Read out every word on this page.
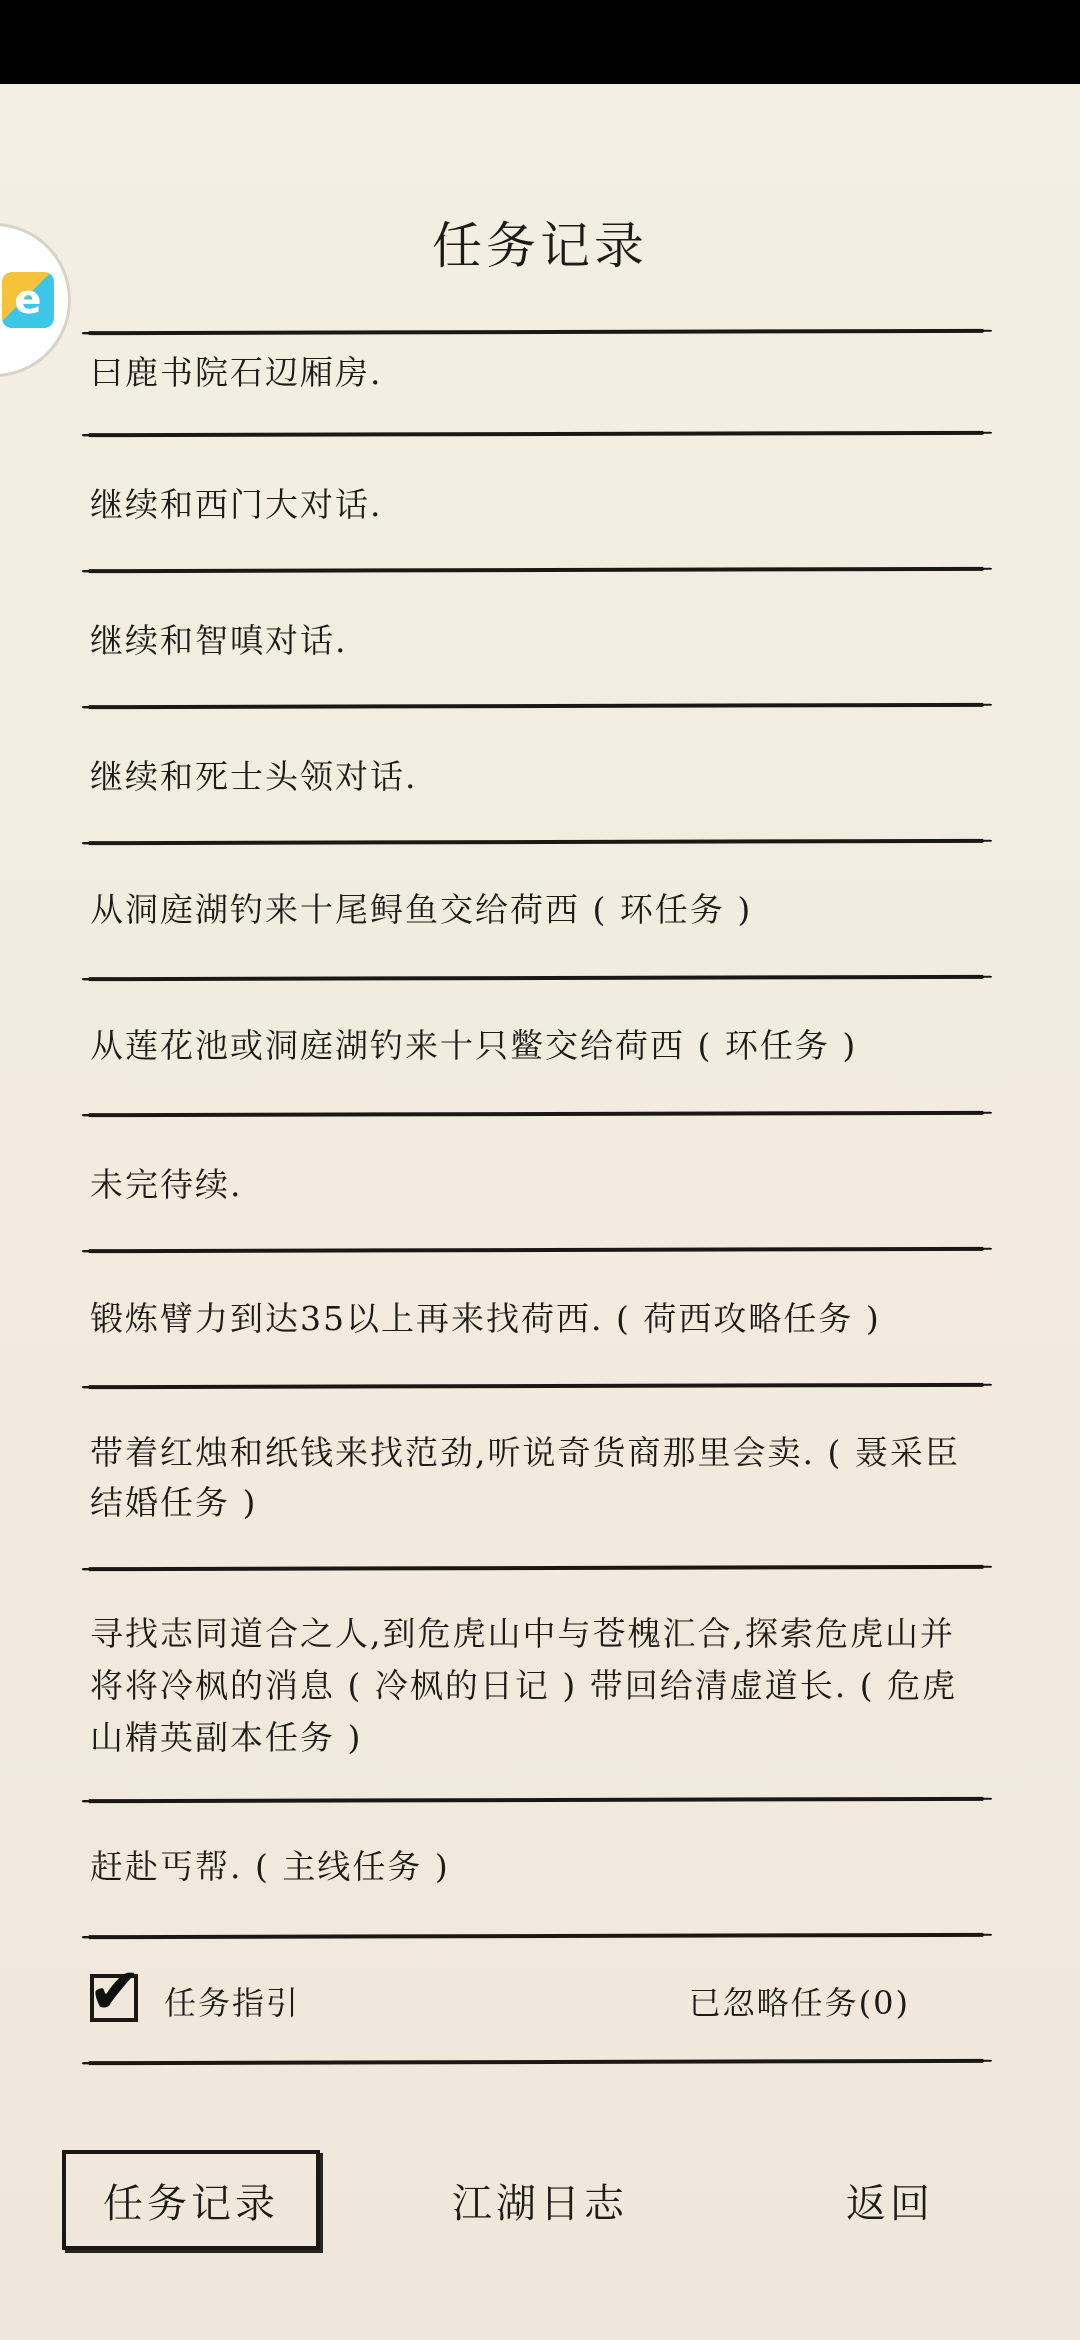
e
任务记录
曰鹿书院石辺厢房.
继续和西门大对话.
继续和智嗔对话.
继续和死士头领对话.
从洞庭湖钓来十尾鲟鱼交给荷西 ( 环任务 )
从莲花池或洞庭湖钓来十只鳖交给荷西 ( 环任务 )
未完待续.
锻炼臂力到达35以上再来找荷西. ( 荷西攻略任务 )
带着红烛和纸钱来找范劲,听说奇货商那里会卖. ( 聂采臣结婚任务 )
寻找志同道合之人,到危虎山中与苍槐汇合,探索危虎山并将将冷枫的消息 ( 冷枫的日记 ) 带回给清虚道长. ( 危虎山精英副本任务 )
赶赴丐帮. ( 主线任务 )
✔ 任务指引	已忽略任务(0)
任务记录	江湖日志	返回
